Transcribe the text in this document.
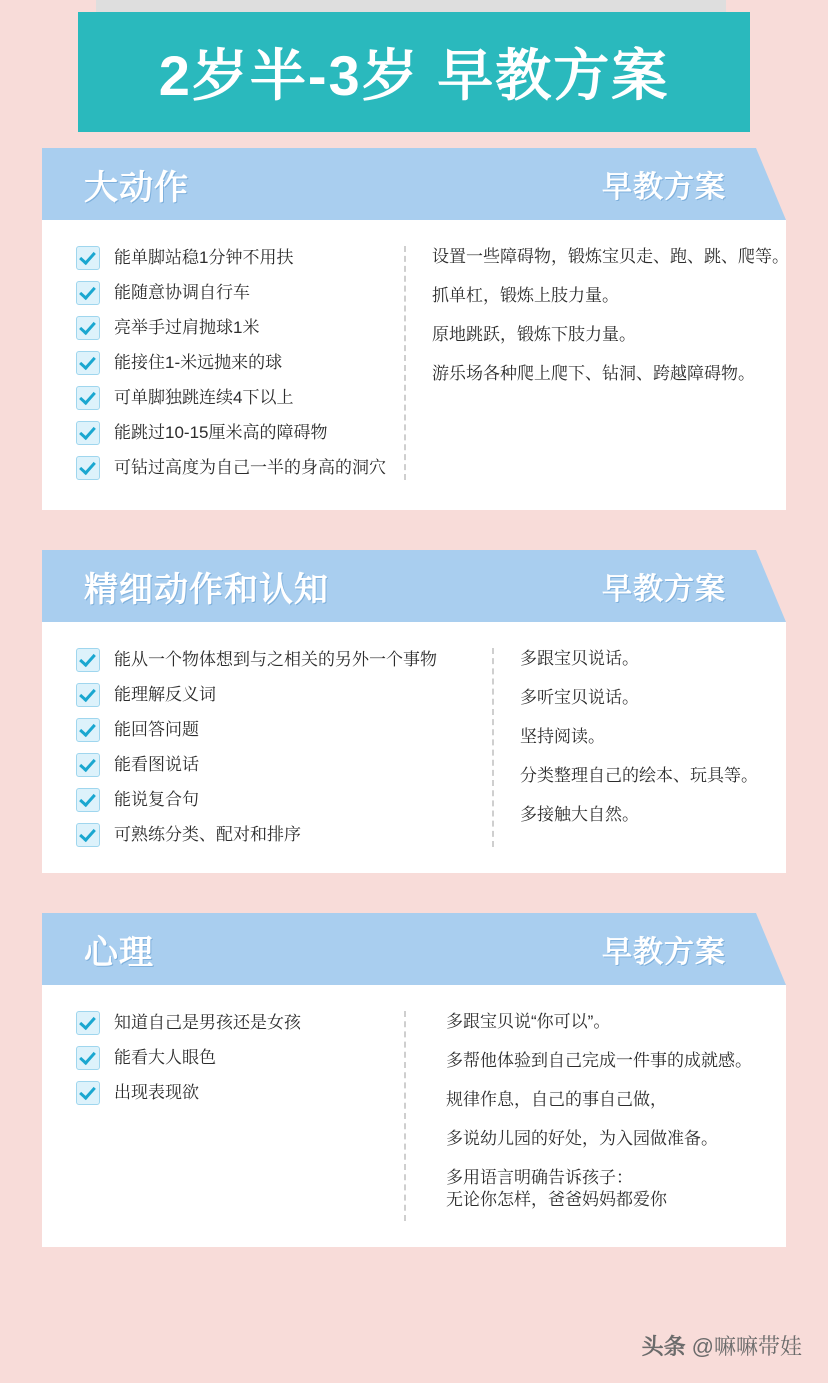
2岁半-3岁 早教方案
大动作	早教方案
能单脚站稳1分钟不用扶
能随意协调自行车
亮举手过肩抛球1米
能接住1-米远抛来的球
可单脚独跳连续4下以上
能跳过10-15厘米高的障碍物
可钻过高度为自己一半的身高的洞穴
设置一些障碍物，锻炼宝贝走、跑、跳、爬等。
抓单杠，锻炼上肢力量。
原地跳跃，锻炼下肢力量。
游乐场各种爬上爬下、钻洞、跨越障碍物。
精细动作和认知	早教方案
能从一个物体想到与之相关的另外一个事物
能理解反义词
能回答问题
能看图说话
能说复合句
可熟练分类、配对和排序
多跟宝贝说话。
多听宝贝说话。
坚持阅读。
分类整理自己的绘本、玩具等。
多接触大自然。
心理	早教方案
知道自己是男孩还是女孩
能看大人眼色
出现表现欲
多跟宝贝说“你可以”。
多帮他体验到自己完成一件事的成就感。
规律作息，自己的事自己做，
多说幼儿园的好处，为入园做准备。
多用语言明确告诉孩子：
无论你怎样，爸爸妈妈都爱你
头条 @嘛嘛带娃
